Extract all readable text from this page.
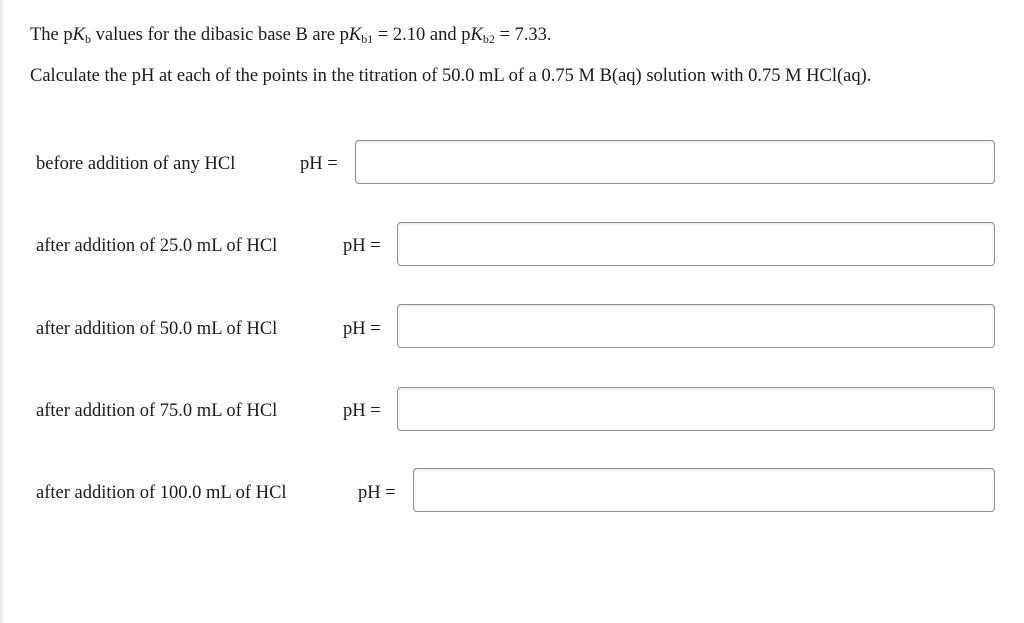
The $pK_b$ values for the dibasic base B are $pK_{b1} = 2.10$ and $pK_{b2} = 7.33$.
Calculate the pH at each of the points in the titration of 50.0 mL of a 0.75 M B(aq) solution with 0.75 M HCl(aq).
before addition of any HCl	pH =
after addition of 25.0 mL of HCl	pH =
after addition of 50.0 mL of HCl	pH =
after addition of 75.0 mL of HCl	pH =
after addition of 100.0 mL of HCl	pH =
